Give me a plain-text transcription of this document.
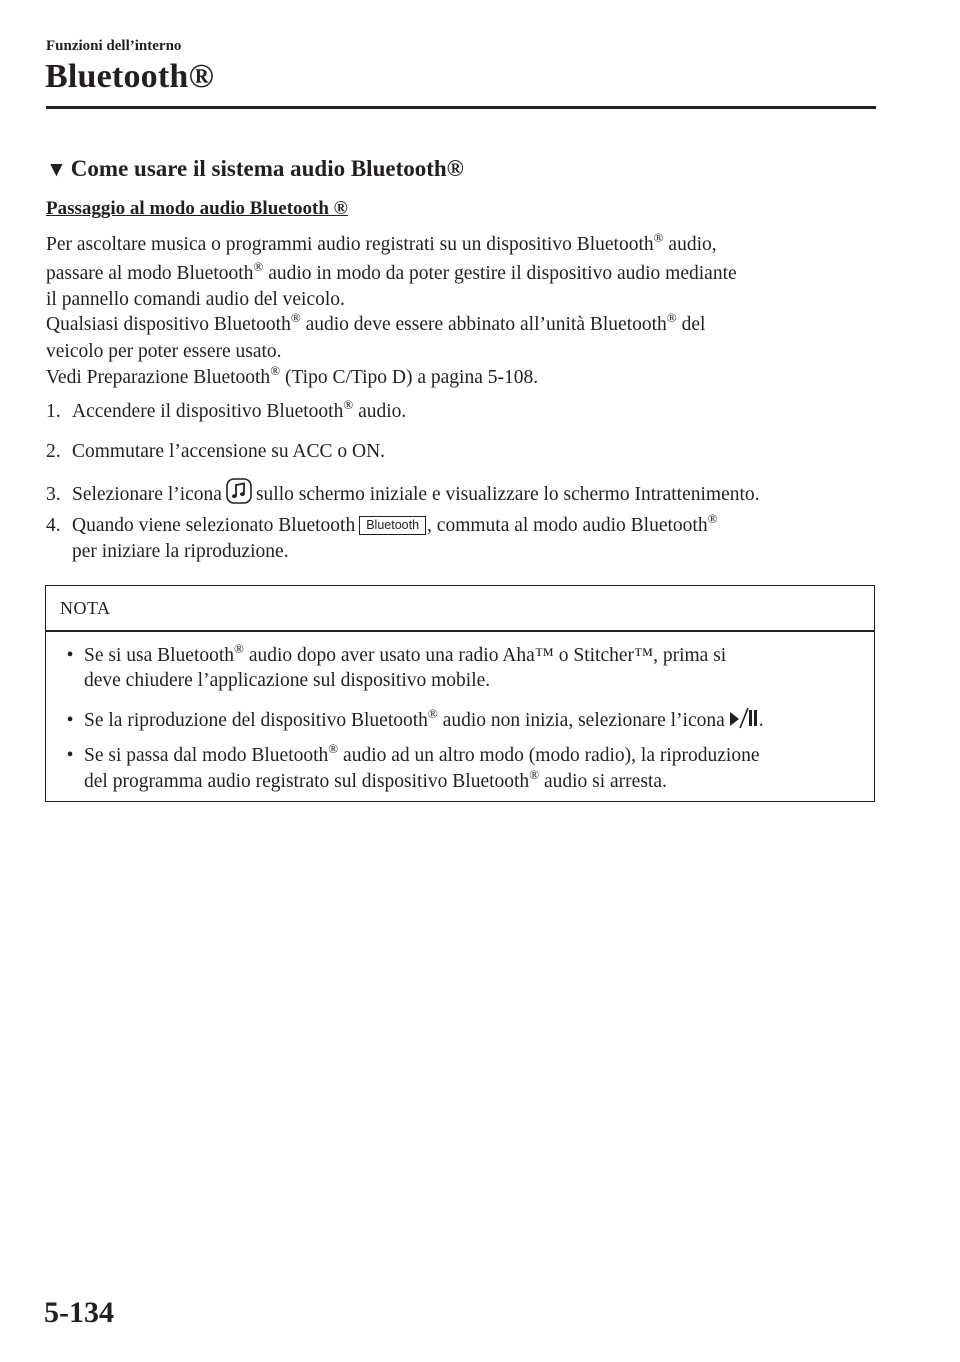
Funzioni dell’interno
Bluetooth®
▼ Come usare il sistema audio Bluetooth®
Passaggio al modo audio Bluetooth ®
Per ascoltare musica o programmi audio registrati su un dispositivo Bluetooth® audio,
passare al modo Bluetooth® audio in modo da poter gestire il dispositivo audio mediante
il pannello comandi audio del veicolo.
Qualsiasi dispositivo Bluetooth® audio deve essere abbinato all’unità Bluetooth® del
veicolo per poter essere usato.
Vedi Preparazione Bluetooth® (Tipo C/Tipo D) a pagina 5-108.
1. Accendere il dispositivo Bluetooth® audio.
2. Commutare l’accensione su ACC o ON.
3. Selezionare l’icona sullo schermo iniziale e visualizzare lo schermo Intrattenimento.
4. Quando viene selezionato Bluetooth Bluetooth , commuta al modo audio Bluetooth®
per iniziare la riproduzione.
NOTA
• Se si usa Bluetooth® audio dopo aver usato una radio Aha™ o Stitcher™, prima si
deve chiudere l’applicazione sul dispositivo mobile.
• Se la riproduzione del dispositivo Bluetooth® audio non inizia, selezionare l’icona .
• Se si passa dal modo Bluetooth® audio ad un altro modo (modo radio), la riproduzione
del programma audio registrato sul dispositivo Bluetooth® audio si arresta.
5-134
